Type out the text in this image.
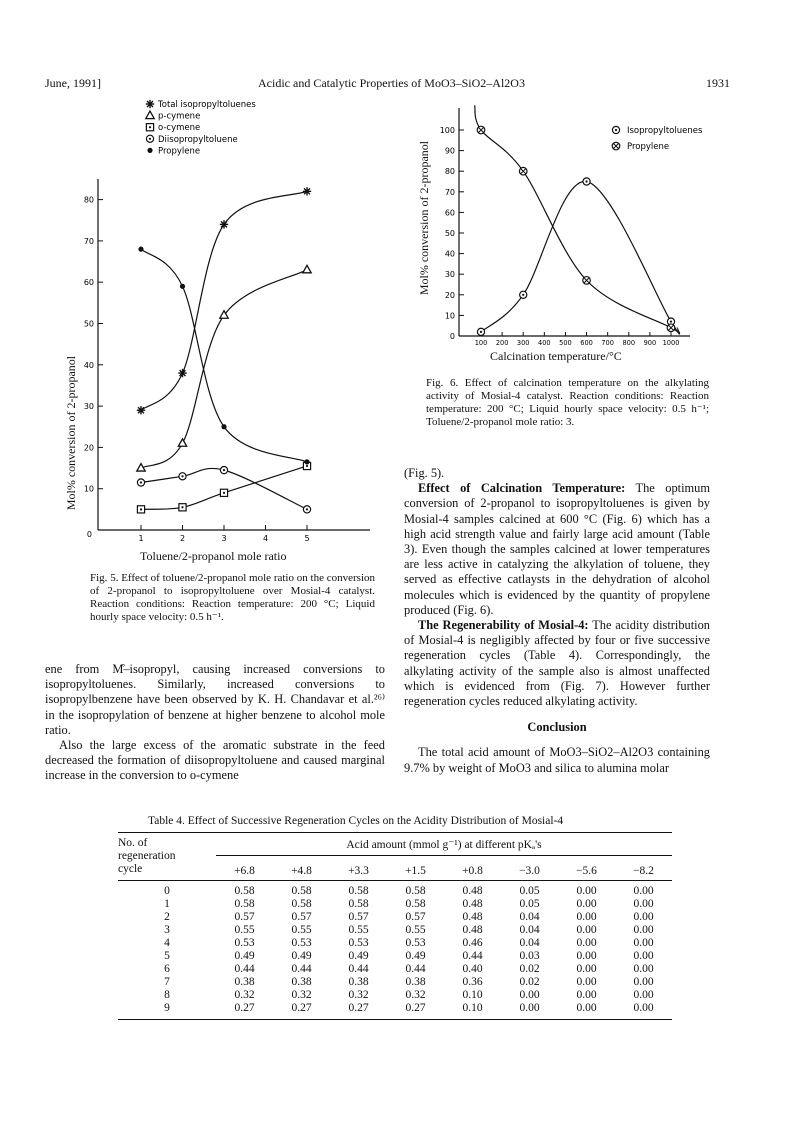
June, 1991]	Acidic and Catalytic Properties of MoO3–SiO2–Al2O3	1931
10
20
30
40
50
60
70
80
0	1	2	3	4	5
Total isopropyltoluenes
p-cymene
o-cymene
Diisopropyltoluene
Propylene
Mol% conversion of 2-propanol
Toluene/2-propanol mole ratio
Fig. 5. Effect of toluene/2-propanol mole ratio on the conversion of 2-propanol to isopropyltoluene over Mosial-4 catalyst. Reaction conditions: Reaction temperature: 200 °C; Liquid hourly space velocity: 0.5 h⁻¹.
0
10
20
30
40
50
60
70
80
90
100
100 200 300 400 500 600 700 800 900 1000
Isopropyltoluenes
Propylene
Mol% conversion of 2-propanol
Calcination temperature/°C
Fig. 6. Effect of calcination temperature on the alkylating activity of Mosial-4 catalyst. Reaction conditions: Reaction temperature: 200 °C; Liquid hourly space velocity: 0.5 h⁻¹; Toluene/2-propanol mole ratio: 3.

ene from M̊–isopropyl, causing increased conversions to isopropyltoluenes. Similarly, increased conversions to isopropylbenzene have been observed by K. H. Chandavar et al.²⁶⁾ in the isopropylation of benzene at higher benzene to alcohol mole ratio.

Also the large excess of the aromatic substrate in the feed decreased the formation of diisopropyltoluene and caused marginal increase in the conversion to o-cymene

(Fig. 5).

Effect of Calcination Temperature: The optimum conversion of 2-propanol to isopropyltoluenes is given by Mosial-4 samples calcined at 600 °C (Fig. 6) which has a high acid strength value and fairly large acid amount (Table 3). Even though the samples calcined at lower temperatures are less active in catalyzing the alkylation of toluene, they served as effective catlaysts in the dehydration of alcohol molecules which is evidenced by the quantity of propylene produced (Fig. 6).

The Regenerability of Mosial-4: The acidity distribution of Mosial-4 is negligibly affected by four or five successive regeneration cycles (Table 4). Correspondingly, the alkylating activity of the sample also is almost unaffected which is evidenced from (Fig. 7). However further regeneration cycles reduced alkylating activity.

Conclusion

The total acid amount of MoO3–SiO2–Al2O3 containing 9.7% by weight of MoO3 and silica to alumina molar

Table 4. Effect of Successive Regeneration Cycles on the Acidity Distribution of Mosial-4
No. of
regeneration
cycle	Acid amount (mmol g⁻¹) at different pKₐ's							
	+6.8	+4.8	+3.3	+1.5	+0.8	−3.0	−5.6	−8.2
0	0.58	0.58	0.58	0.58	0.48	0.05	0.00	0.00
1	0.58	0.58	0.58	0.58	0.48	0.05	0.00	0.00
2	0.57	0.57	0.57	0.57	0.48	0.04	0.00	0.00
3	0.55	0.55	0.55	0.55	0.48	0.04	0.00	0.00
4	0.53	0.53	0.53	0.53	0.46	0.04	0.00	0.00
5	0.49	0.49	0.49	0.49	0.44	0.03	0.00	0.00
6	0.44	0.44	0.44	0.44	0.40	0.02	0.00	0.00
7	0.38	0.38	0.38	0.38	0.36	0.02	0.00	0.00
8	0.32	0.32	0.32	0.32	0.10	0.00	0.00	0.00
9	0.27	0.27	0.27	0.27	0.10	0.00	0.00	0.00
